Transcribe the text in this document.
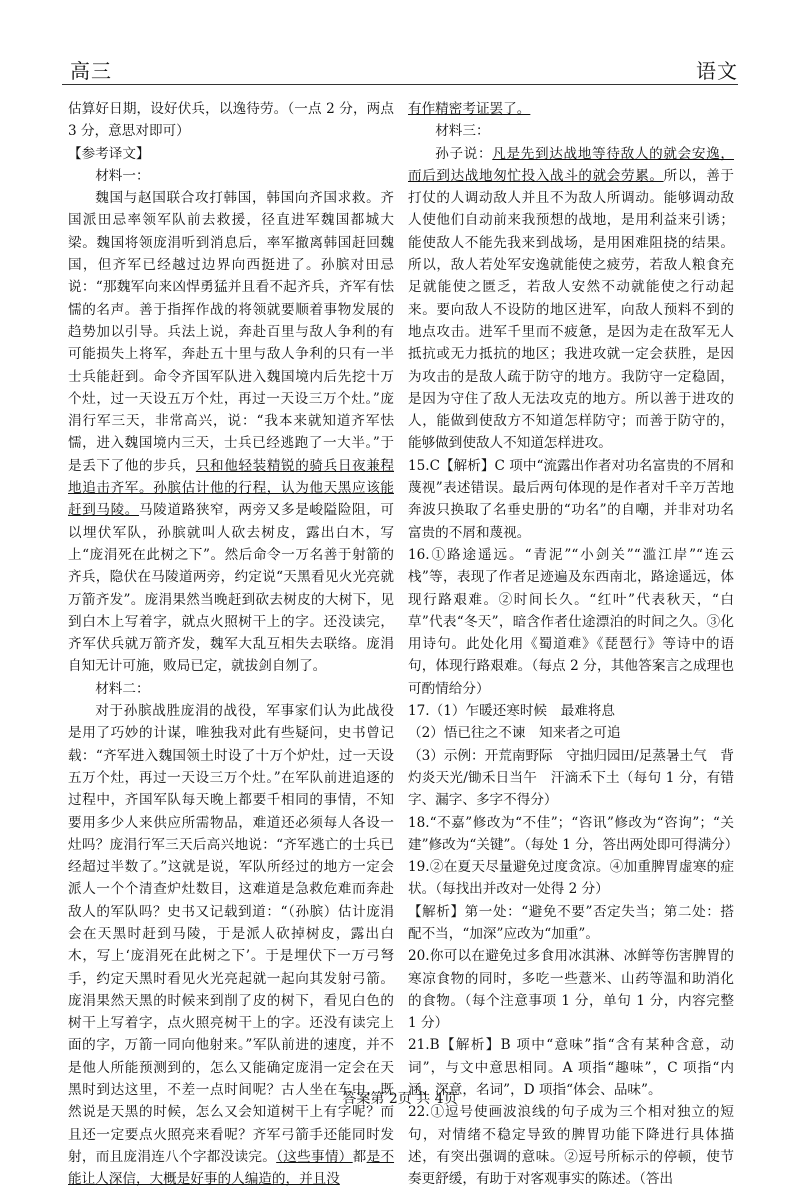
高三	语文

估算好日期，设好伏兵，以逸待劳。（一点 2 分，两点 3 分，意思对即可）

【参考译文】

材料一：

魏国与赵国联合攻打韩国，韩国向齐国求救。齐国派田忌率领军队前去救援，径直进军魏国都城大梁。魏国将领庞涓听到消息后，率军撤离韩国赶回魏国，但齐军已经越过边界向西挺进了。孙膑对田忌说：“那魏军向来凶悍勇猛并且看不起齐兵，齐军有怯懦的名声。善于指挥作战的将领就要顺着事物发展的趋势加以引导。兵法上说，奔赴百里与敌人争利的有可能损失上将军，奔赴五十里与敌人争利的只有一半士兵能赶到。命令齐国军队进入魏国境内后先挖十万个灶，过一天设五万个灶，再过一天设三万个灶。”庞涓行军三天，非常高兴，说：“我本来就知道齐军怯懦，进入魏国境内三天，士兵已经逃跑了一大半。”于是丢下了他的步兵，只和他轻装精锐的骑兵日夜兼程地追击齐军。孙膑估计他的行程，认为他天黑应该能赶到马陵。马陵道路狭窄，两旁又多是峻隘险阻，可以埋伏军队，孙膑就叫人砍去树皮，露出白木，写上“庞涓死在此树之下”。然后命令一万名善于射箭的齐兵，隐伏在马陵道两旁，约定说“天黑看见火光亮就万箭齐发”。庞涓果然当晚赶到砍去树皮的大树下，见到白木上写着字，就点火照树干上的字。还没读完，齐军伏兵就万箭齐发，魏军大乱互相失去联络。庞涓自知无计可施，败局已定，就拔剑自刎了。

材料二：

对于孙膑战胜庞涓的战役，军事家们认为此战役是用了巧妙的计谋，唯独我对此有些疑问，史书曾记载：“齐军进入魏国领土时设了十万个炉灶，过一天设五万个灶，再过一天设三万个灶。”在军队前进追逐的过程中，齐国军队每天晚上都要千相同的事情，不知要用多少人来供应所需物品，难道还必须每人各设一灶吗？庞涓行军三天后高兴地说：“齐军逃亡的士兵已经超过半数了。”这就是说，军队所经过的地方一定会派人一个个清查炉灶数目，这难道是急救危难而奔赴敌人的军队吗？史书又记载到道：“（孙膑）估计庞涓会在天黑时赶到马陵，于是派人砍掉树皮，露出白木，写上‘庞涓死在此树之下’。于是埋伏下一万弓弩手，约定天黑时看见火光亮起就一起向其发射弓箭。庞涓果然天黑的时候来到削了皮的树下，看见白色的树干上写着字，点火照亮树干上的字。还没有读完上面的字，万箭一同向他射来。”军队前进的速度，并不是他人所能预测到的，怎么又能确定庞涓一定会在天黑时到达这里，不差一点时间呢？古人坐在车中，既然说是天黑的时候，怎么又会知道树干上有字呢？而且还一定要点火照亮来看呢？齐军弓箭手还能同时发射，而且庞涓连八个字都没读完。（这些事情）都是不能让人深信，大概是好事的人编造的，并且没

有作精密考证罢了。

材料三：

孙子说：凡是先到达战地等待敌人的就会安逸，而后到达战地匆忙投入战斗的就会劳累。所以，善于打仗的人调动敌人并且不为敌人所调动。能够调动敌人使他们自动前来我预想的战地，是用利益来引诱；能使敌人不能先我来到战场，是用困难阻挠的结果。所以，敌人若处军安逸就能使之疲劳，若敌人粮食充足就能使之匮乏，若敌人安然不动就能使之行动起来。要向敌人不设防的地区进军，向敌人预料不到的地点攻击。进军千里而不疲惫，是因为走在敌军无人抵抗或无力抵抗的地区；我进攻就一定会获胜，是因为攻击的是敌人疏于防守的地方。我防守一定稳固，是因为守住了敌人无法攻克的地方。所以善于进攻的人，能做到使敌方不知道怎样防守；而善于防守的，能够做到使敌人不知道怎样进攻。

15.C【解析】C 项中“流露出作者对功名富贵的不屑和蔑视”表述错误。最后两句体现的是作者对千辛万苦地奔波只换取了名垂史册的“功名”的自嘲，并非对功名富贵的不屑和蔑视。

16.①路途遥远。“青泥”“小剑关”“滥江岸”“连云栈”等，表现了作者足迹遍及东西南北，路途遥远，体现行路艰难。②时间长久。“红叶”代表秋天，“白草”代表“冬天”，暗含作者仕途漂泊的时间之久。③化用诗句。此处化用《蜀道难》《琵琶行》等诗中的语句，体现行路艰难。（每点 2 分，其他答案言之成理也可酌情给分）

17.（1）乍暖还寒时候　最难将息

（2）悟已往之不谏　知来者之可追

（3）示例：开荒南野际　守拙归园田/足蒸暑土气　背灼炎天光/锄禾日当午　汗滴禾下土（每句 1 分，有错字、漏字、多字不得分）

18.“不嘉”修改为“不佳”；“咨讯”修改为“咨询”；“关建”修改为“关键”。（每处 1 分，答出两处即可得满分）

19.②在夏天尽量避免过度贪凉。④加重脾胃虚寒的症状。（每找出并改对一处得 2 分）

【解析】第一处：“避免不要”否定失当；第二处：搭配不当，“加深”应改为“加重”。

20.你可以在避免过多食用冰淇淋、冰鲜等伤害脾胃的寒凉食物的同时，多吃一些薏米、山药等温和助消化的食物。（每个注意事项 1 分，单句 1 分，内容完整 1 分）

21.B【解析】B 项中“意味”指“含有某种含意，动词”，与文中意思相同。A 项指“趣味”，C 项指“内涵、深意，名词”，D 项指“体会、品味”。

22.①逗号使画波浪线的句子成为三个相对独立的短句，对情绪不稳定导致的脾胃功能下降进行具体描述，有突出强调的意味。②逗号所标示的停顿，使节奏更舒缓，有助于对客观事实的陈述。（答出

答案第 2页 共 4页
